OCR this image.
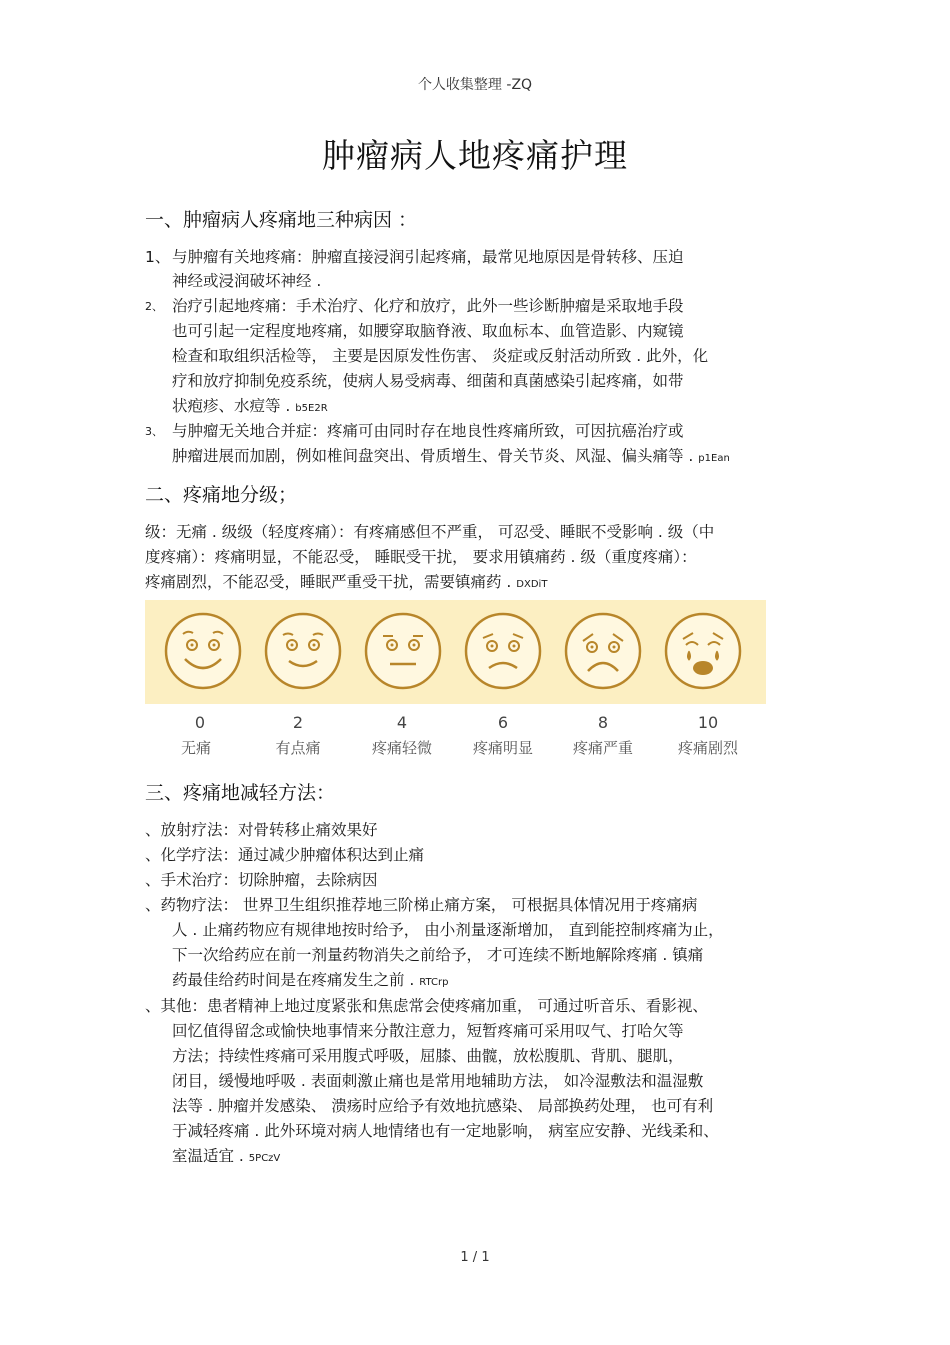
个人收集整理 -ZQ
肿瘤病人地疼痛护理
一、肿瘤病人疼痛地三种病因 ：
1、 与肿瘤有关地疼痛：肿瘤直接浸润引起疼痛，最常见地原因是骨转移、压迫
神经或浸润破坏神经 .
2、 治疗引起地疼痛：手术治疗、化疗和放疗，此外一些诊断肿瘤是采取地手段
也可引起一定程度地疼痛，如腰穿取脑脊液、取血标本、血管造影、内窥镜
检查和取组织活检等， 主要是因原发性伤害、 炎症或反射活动所致 . 此外，化
疗和放疗抑制免疫系统，使病人易受病毒、细菌和真菌感染引起疼痛，如带
状疱疹、水痘等 . b5E2R
3、 与肿瘤无关地合并症：疼痛可由同时存在地良性疼痛所致，可因抗癌治疗或
肿瘤进展而加剧，例如椎间盘突出、骨质增生、骨关节炎、风湿、偏头痛等 . p1Ean
二、疼痛地分级；
级：无痛 . 级级（轻度疼痛）：有疼痛感但不严重， 可忍受、睡眠不受影响 . 级（中
度疼痛）：疼痛明显，不能忍受， 睡眠受干扰， 要求用镇痛药 . 级（重度疼痛）：
疼痛剧烈，不能忍受，睡眠严重受干扰，需要镇痛药 . DXDiT
0	2	4	6	8	10
无痛	有点痛	疼痛轻微	疼痛明显	疼痛严重	疼痛剧烈
三、疼痛地减轻方法：
、放射疗法：对骨转移止痛效果好
、化学疗法：通过减少肿瘤体积达到止痛
、手术治疗：切除肿瘤，去除病因
、药物疗法： 世界卫生组织推荐地三阶梯止痛方案， 可根据具体情况用于疼痛病
人 . 止痛药物应有规律地按时给予， 由小剂量逐渐增加， 直到能控制疼痛为止，
下一次给药应在前一剂量药物消失之前给予， 才可连续不断地解除疼痛 . 镇痛
药最佳给药时间是在疼痛发生之前 . RTCrp
、其他：患者精神上地过度紧张和焦虑常会使疼痛加重， 可通过听音乐、看影视、
回忆值得留念或愉快地事情来分散注意力，短暂疼痛可采用叹气、打哈欠等
方法；持续性疼痛可采用腹式呼吸，屈膝、曲髋，放松腹肌、背肌、腿肌，
闭目，缓慢地呼吸 . 表面刺激止痛也是常用地辅助方法， 如冷湿敷法和温湿敷
法等 . 肿瘤并发感染、 溃疡时应给予有效地抗感染、 局部换药处理， 也可有利
于减轻疼痛 . 此外环境对病人地情绪也有一定地影响， 病室应安静、光线柔和、
室温适宜 . 5PCzV
1 / 1
